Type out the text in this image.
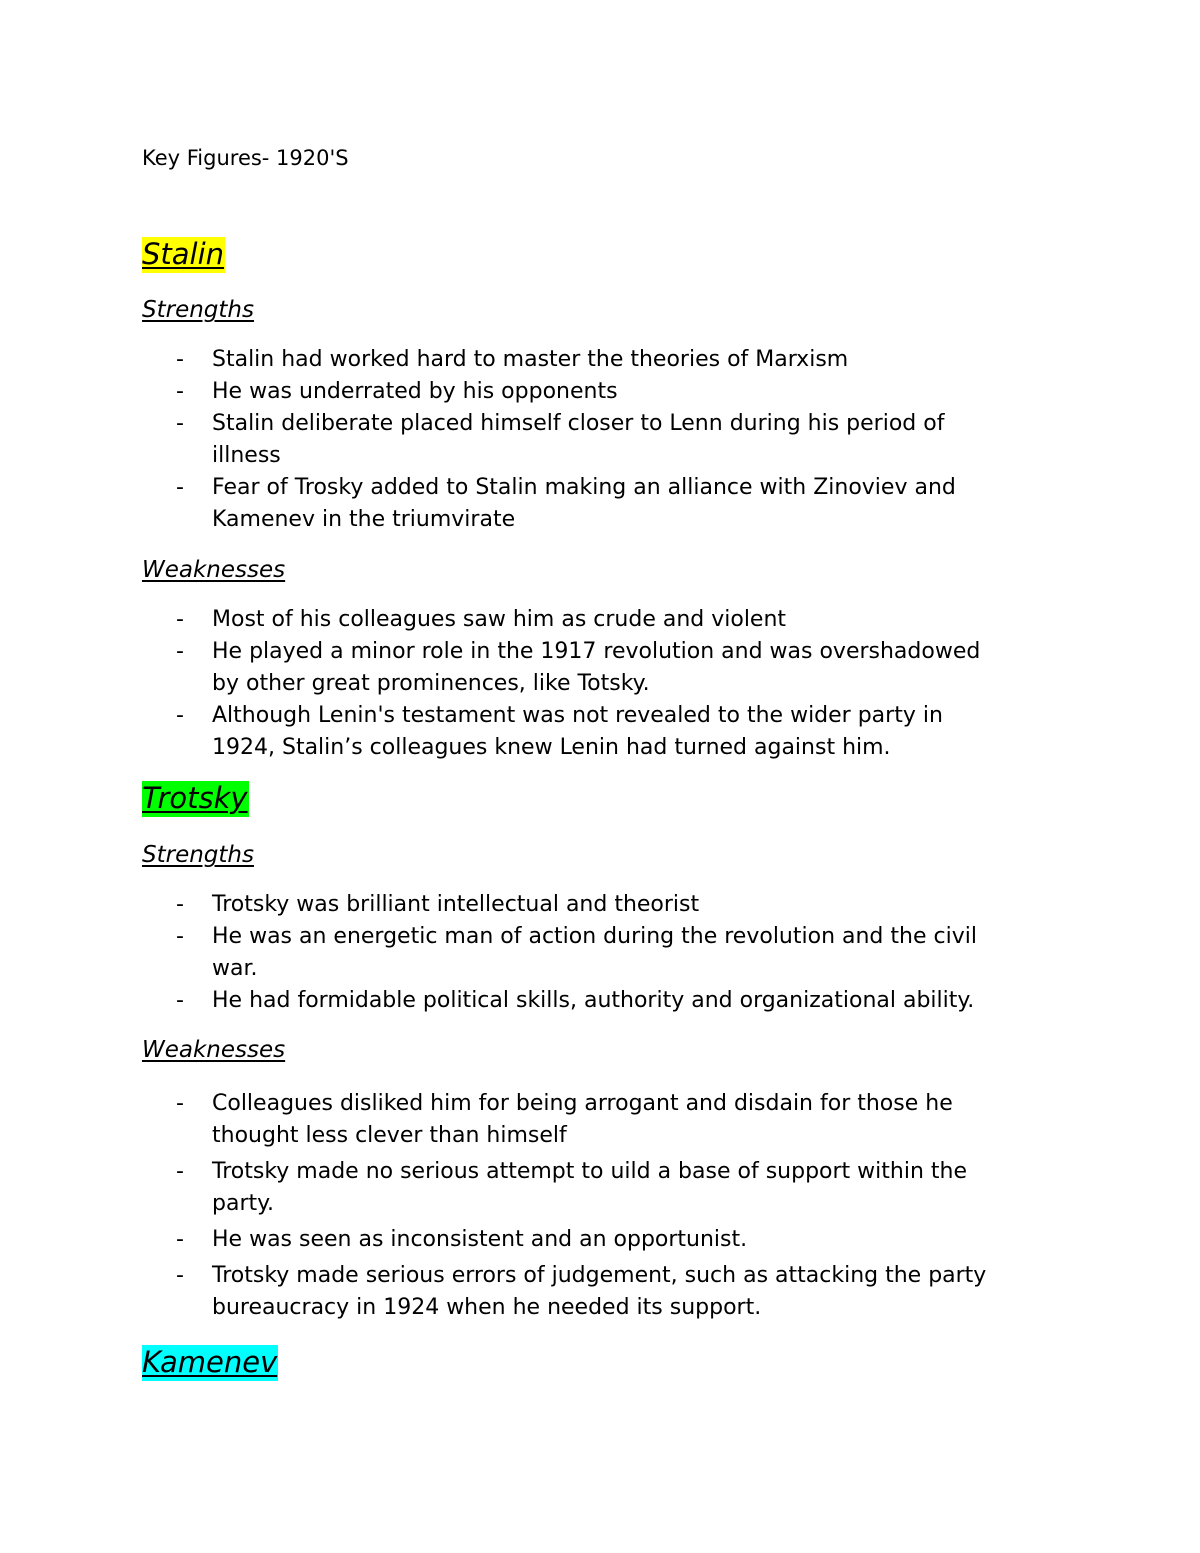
Key Figures- 1920'S
Stalin
Strengths
- Stalin had worked hard to master the theories of Marxism
- He was underrated by his opponents
- Stalin deliberate placed himself closer to Lenn during his period of
illness
- Fear of Trosky added to Stalin making an alliance with Zinoviev and
Kamenev in the triumvirate
Weaknesses
- Most of his colleagues saw him as crude and violent
- He played a minor role in the 1917 revolution and was overshadowed
by other great prominences, like Totsky.
- Although Lenin's testament was not revealed to the wider party in
1924, Stalin’s colleagues knew Lenin had turned against him.
Trotsky
Strengths
- Trotsky was brilliant intellectual and theorist
- He was an energetic man of action during the revolution and the civil
war.
- He had formidable political skills, authority and organizational ability.
Weaknesses
- Colleagues disliked him for being arrogant and disdain for those he
thought less clever than himself
- Trotsky made no serious attempt to uild a base of support within the
party.
- He was seen as inconsistent and an opportunist.
- Trotsky made serious errors of judgement, such as attacking the party
bureaucracy in 1924 when he needed its support.
Kamenev
